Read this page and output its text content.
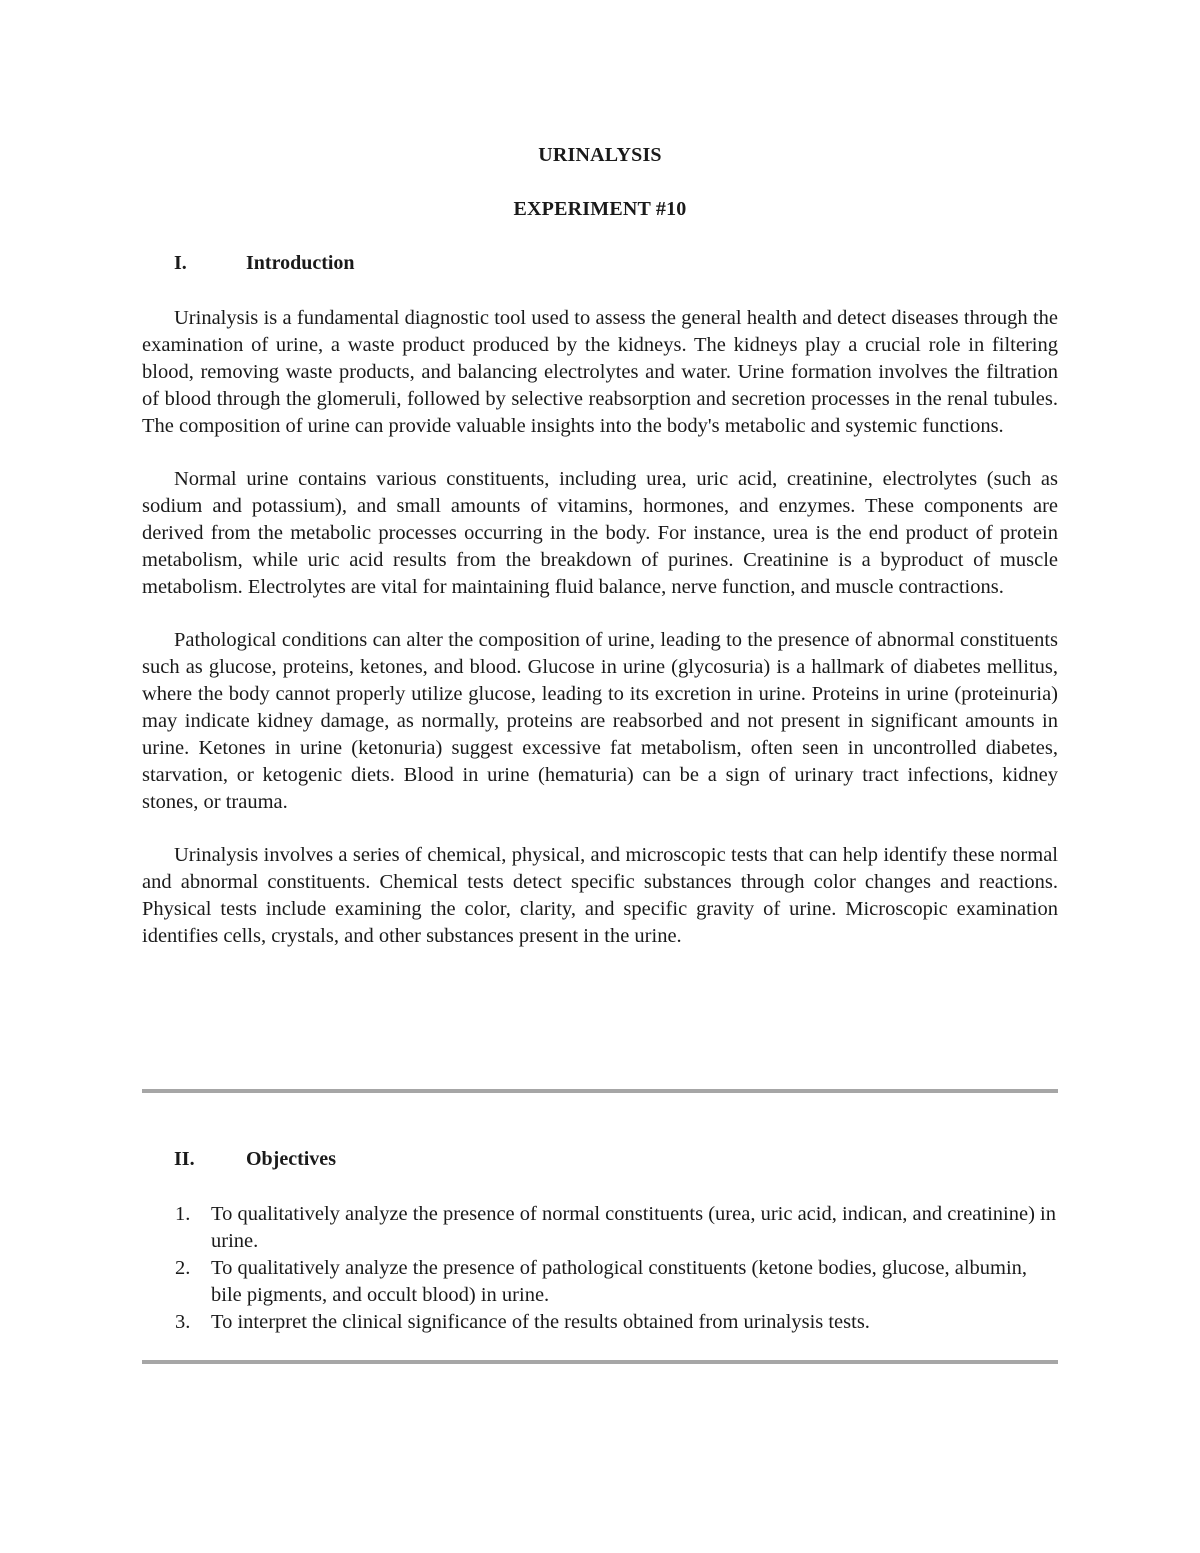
URINALYSIS
EXPERIMENT #10
I.	Introduction

Urinalysis is a fundamental diagnostic tool used to assess the general health and detect diseases through the examination of urine, a waste product produced by the kidneys. The kidneys play a crucial role in filtering blood, removing waste products, and balancing electrolytes and water. Urine formation involves the filtration of blood through the glomeruli, followed by selective reabsorption and secretion processes in the renal tubules. The composition of urine can provide valuable insights into the body's metabolic and systemic functions.

Normal urine contains various constituents, including urea, uric acid, creatinine, electrolytes (such as sodium and potassium), and small amounts of vitamins, hormones, and enzymes. These components are derived from the metabolic processes occurring in the body. For instance, urea is the end product of protein metabolism, while uric acid results from the breakdown of purines. Creatinine is a byproduct of muscle metabolism. Electrolytes are vital for maintaining fluid balance, nerve function, and muscle contractions.

Pathological conditions can alter the composition of urine, leading to the presence of abnormal constituents such as glucose, proteins, ketones, and blood. Glucose in urine (glycosuria) is a hallmark of diabetes mellitus, where the body cannot properly utilize glucose, leading to its excretion in urine. Proteins in urine (proteinuria) may indicate kidney damage, as normally, proteins are reabsorbed and not present in significant amounts in urine. Ketones in urine (ketonuria) suggest excessive fat metabolism, often seen in uncontrolled diabetes, starvation, or ketogenic diets. Blood in urine (hematuria) can be a sign of urinary tract infections, kidney stones, or trauma.

Urinalysis involves a series of chemical, physical, and microscopic tests that can help identify these normal and abnormal constituents. Chemical tests detect specific substances through color changes and reactions. Physical tests include examining the color, clarity, and specific gravity of urine. Microscopic examination identifies cells, crystals, and other substances present in the urine.

II.	Objectives
1. To qualitatively analyze the presence of normal constituents (urea, uric acid, indican, and creatinine) in urine.
2. To qualitatively analyze the presence of pathological constituents (ketone bodies, glucose, albumin, bile pigments, and occult blood) in urine.
3. To interpret the clinical significance of the results obtained from urinalysis tests.
